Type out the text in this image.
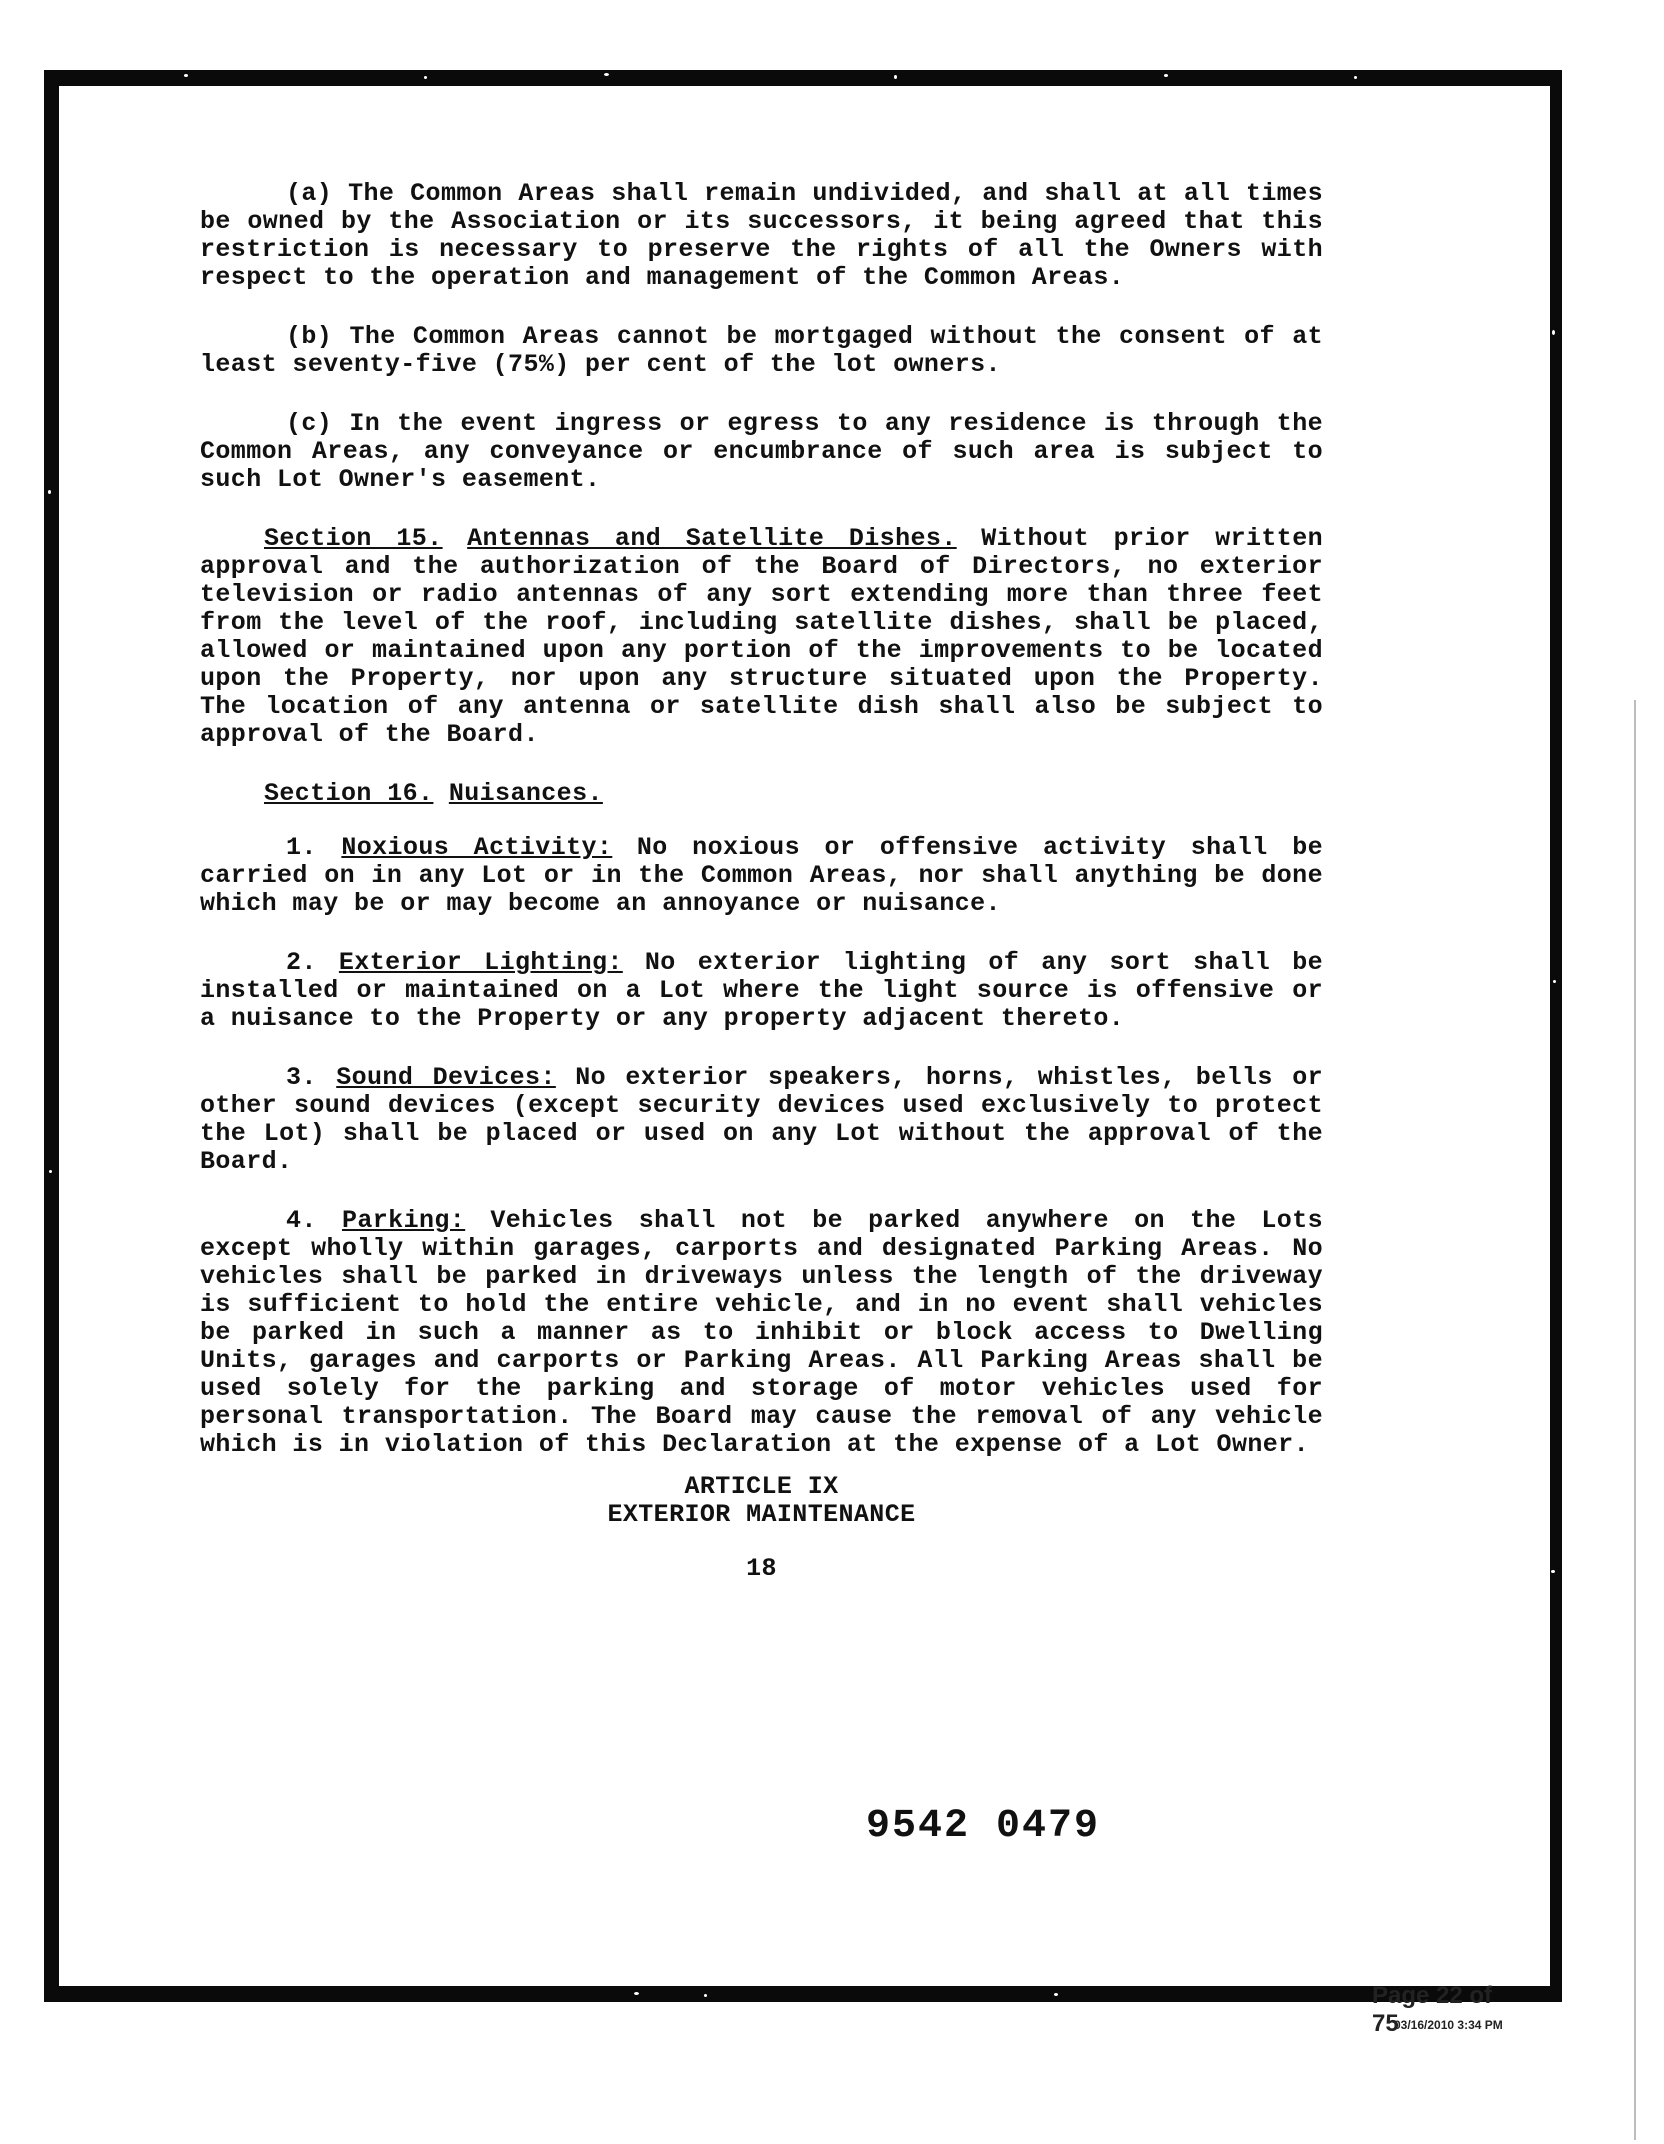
(a) The Common Areas shall remain undivided, and shall at all times be owned by the Association or its successors, it being agreed that this restriction is necessary to preserve the rights of all the Owners with respect to the operation and management of the Common Areas.

(b) The Common Areas cannot be mortgaged without the consent of at least seventy-five (75%) per cent of the lot owners.

(c) In the event ingress or egress to any residence is through the Common Areas, any conveyance or encumbrance of such area is subject to such Lot Owner's easement.

Section 15. Antennas and Satellite Dishes. Without prior written approval and the authorization of the Board of Directors, no exterior television or radio antennas of any sort extending more than three feet from the level of the roof, including satellite dishes, shall be placed, allowed or maintained upon any portion of the improvements to be located upon the Property, nor upon any structure situated upon the Property. The location of any antenna or satellite dish shall also be subject to approval of the Board.

Section 16. Nuisances.

1. Noxious Activity: No noxious or offensive activity shall be carried on in any Lot or in the Common Areas, nor shall anything be done which may be or may become an annoyance or nuisance.

2. Exterior Lighting: No exterior lighting of any sort shall be installed or maintained on a Lot where the light source is offensive or a nuisance to the Property or any property adjacent thereto.

3. Sound Devices: No exterior speakers, horns, whistles, bells or other sound devices (except security devices used exclusively to protect the Lot) shall be placed or used on any Lot without the approval of the Board.

4. Parking: Vehicles shall not be parked anywhere on the Lots except wholly within garages, carports and designated Parking Areas. No vehicles shall be parked in driveways unless the length of the driveway is sufficient to hold the entire vehicle, and in no event shall vehicles be parked in such a manner as to inhibit or block access to Dwelling Units, garages and carports or Parking Areas. All Parking Areas shall be used solely for the parking and storage of motor vehicles used for personal transportation. The Board may cause the removal of any vehicle which is in violation of this Declaration at the expense of a Lot Owner.

ARTICLE IX
EXTERIOR MAINTENANCE
18
9542 0479
Page 22 of 75
03/16/2010 3:34 PM
